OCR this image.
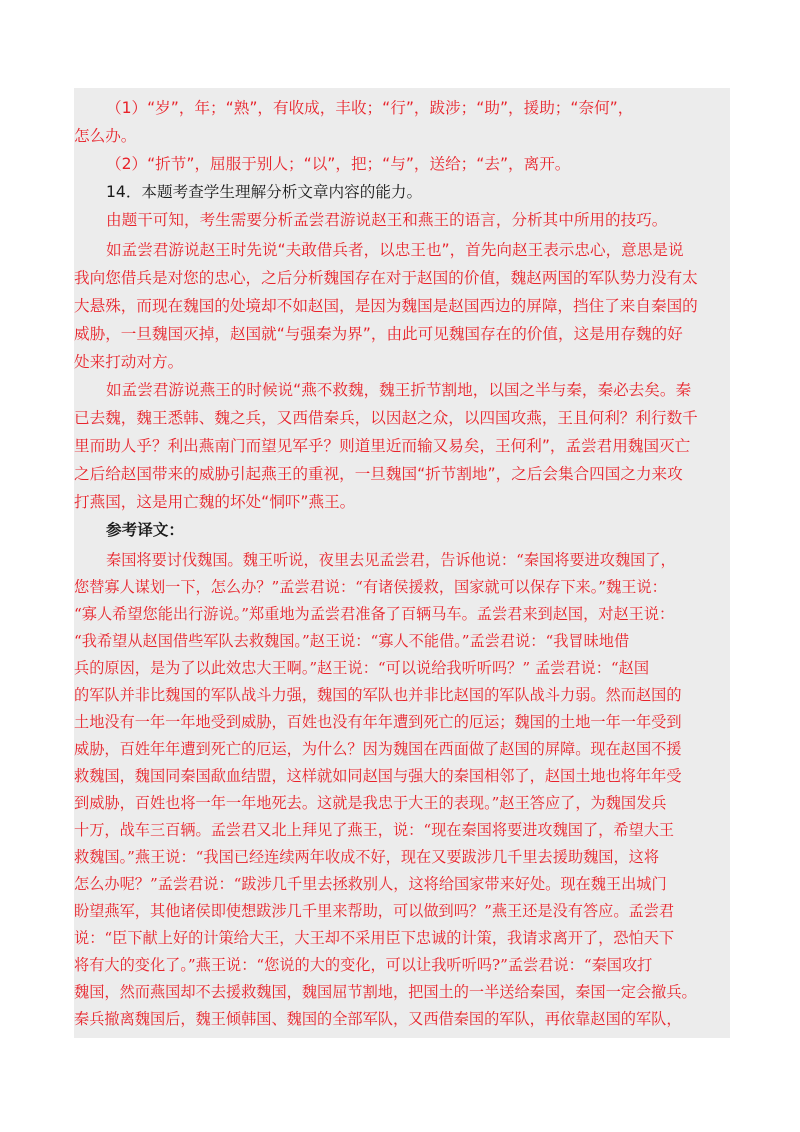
（1）“岁”，年；“熟”，有收成，丰收；“行”，跋涉；“助”，援助；“奈何”，
怎么办。
（2）“折节”，屈服于别人；“以”，把；“与”，送给；“去”，离开。
14．本题考查学生理解分析文章内容的能力。
由题干可知，考生需要分析孟尝君游说赵王和燕王的语言，分析其中所用的技巧。
如孟尝君游说赵王时先说“夫敢借兵者，以忠王也”，首先向赵王表示忠心，意思是说
我向您借兵是对您的忠心，之后分析魏国存在对于赵国的价值，魏赵两国的军队势力没有太
大悬殊，而现在魏国的处境却不如赵国，是因为魏国是赵国西边的屏障，挡住了来自秦国的
威胁，一旦魏国灭掉，赵国就“与强秦为界”，由此可见魏国存在的价值，这是用存魏的好
处来打动对方。
如孟尝君游说燕王的时候说“燕不救魏，魏王折节割地，以国之半与秦，秦必去矣。秦
已去魏，魏王悉韩、魏之兵，又西借秦兵，以因赵之众，以四国攻燕，王且何利？利行数千
里而助人乎？利出燕南门而望见军乎？则道里近而输又易矣，王何利”，孟尝君用魏国灭亡
之后给赵国带来的威胁引起燕王的重视，一旦魏国“折节割地”，之后会集合四国之力来攻
打燕国，这是用亡魏的坏处“恫吓”燕王。
参考译文：
秦国将要讨伐魏国。魏王听说，夜里去见孟尝君，告诉他说：“秦国将要进攻魏国了，
您替寡人谋划一下，怎么办？”孟尝君说：“有诸侯援救，国家就可以保存下来。”魏王说：
“寡人希望您能出行游说。”郑重地为孟尝君准备了百辆马车。孟尝君来到赵国，对赵王说：
“我希望从赵国借些军队去救魏国。”赵王说：“寡人不能借。”孟尝君说：“我冒昧地借
兵的原因，是为了以此效忠大王啊。”赵王说：“可以说给我听听吗？” 孟尝君说：“赵国
的军队并非比魏国的军队战斗力强，魏国的军队也并非比赵国的军队战斗力弱。然而赵国的
土地没有一年一年地受到威胁，百姓也没有年年遭到死亡的厄运；魏国的土地一年一年受到
威胁，百姓年年遭到死亡的厄运，为什么？因为魏国在西面做了赵国的屏障。现在赵国不援
救魏国，魏国同秦国歃血结盟，这样就如同赵国与强大的秦国相邻了，赵国土地也将年年受
到威胁，百姓也将一年一年地死去。这就是我忠于大王的表现。”赵王答应了，为魏国发兵
十万，战车三百辆。孟尝君又北上拜见了燕王，说：“现在秦国将要进攻魏国了，希望大王
救魏国。”燕王说：“我国已经连续两年收成不好，现在又要跋涉几千里去援助魏国，这将
怎么办呢？”孟尝君说：“跋涉几千里去拯救别人，这将给国家带来好处。现在魏王出城门
盼望燕军，其他诸侯即使想跋涉几千里来帮助，可以做到吗？”燕王还是没有答应。孟尝君
说：“臣下献上好的计策给大王，大王却不采用臣下忠诚的计策，我请求离开了，恐怕天下
将有大的变化了。”燕王说：“您说的大的变化，可以让我听听吗?”孟尝君说：“秦国攻打
魏国，然而燕国却不去援救魏国，魏国屈节割地，把国土的一半送给秦国，秦国一定会撤兵。
秦兵撤离魏国后，魏王倾韩国、魏国的全部军队，又西借秦国的军队，再依靠赵国的军队，
